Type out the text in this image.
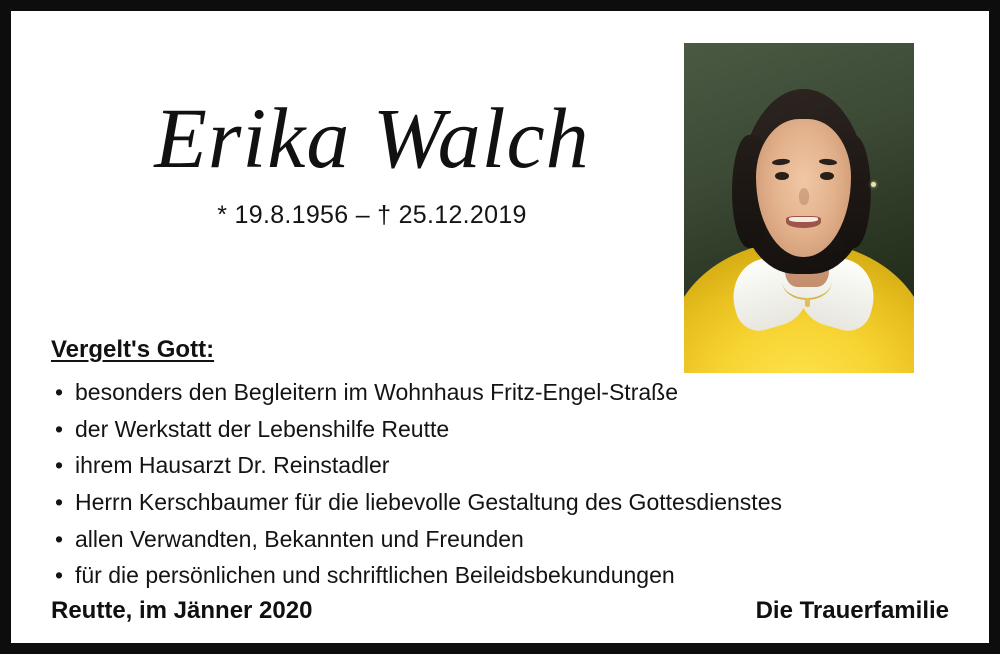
Erika Walch
* 19.8.1956 – † 25.12.2019
Vergelt's Gott:
• besonders den Begleitern im Wohnhaus Fritz-Engel-Straße
• der Werkstatt der Lebenshilfe Reutte
• ihrem Hausarzt Dr. Reinstadler
• Herrn Kerschbaumer für die liebevolle Gestaltung des Gottesdienstes
• allen Verwandten, Bekannten und Freunden
• für die persönlichen und schriftlichen Beileidsbekundungen
Reutte, im Jänner 2020	Die Trauerfamilie
